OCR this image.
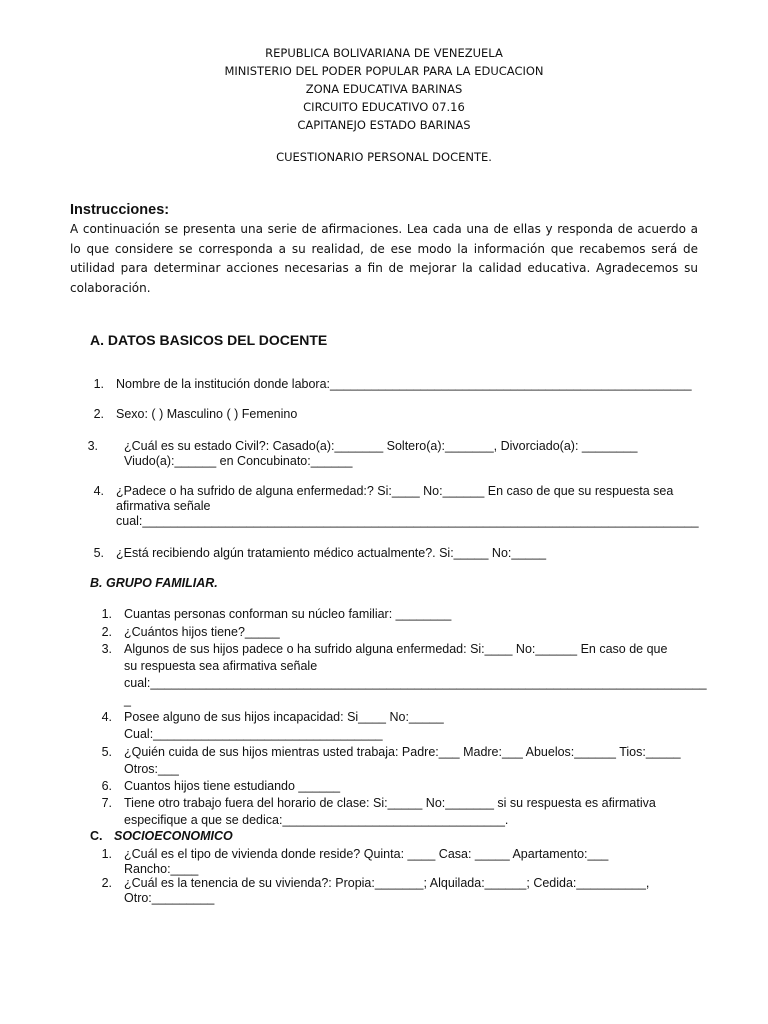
REPUBLICA BOLIVARIANA DE VENEZUELA
MINISTERIO DEL PODER POPULAR PARA LA EDUCACION
ZONA EDUCATIVA BARINAS
CIRCUITO EDUCATIVO 07.16
CAPITANEJO ESTADO BARINAS
CUESTIONARIO PERSONAL DOCENTE.
Instrucciones:
A continuación se presenta una serie de afirmaciones. Lea cada una de ellas y responda de acuerdo a lo que considere se corresponda a su realidad, de ese modo la información que recabemos será de utilidad para determinar acciones necesarias a fin de mejorar la calidad educativa. Agradecemos su colaboración.
A. DATOS BASICOS DEL DOCENTE
1. Nombre de la institución donde labora:____________________________________________________
2. Sexo: ( ) Masculino ( ) Femenino
3. ¿Cuál es su estado Civil?: Casado(a):_______ Soltero(a):_______, Divorciado(a): ________
Viudo(a):______ en Concubinato:______
4. ¿Padece o ha sufrido de alguna enfermedad:? Si:____ No:______ En caso de que su respuesta sea
afirmativa señale
cual:________________________________________________________________________________
5. ¿Está recibiendo algún tratamiento médico actualmente?. Si:_____ No:_____
B. GRUPO FAMILIAR.
1. Cuantas personas conforman su núcleo familiar: ________
2. ¿Cuántos hijos tiene?_____
3. Algunos de sus hijos padece o ha sufrido alguna enfermedad: Si:____ No:______ En caso de que
su respuesta sea afirmativa señale
cual:________________________________________________________________________________
_
4. Posee alguno de sus hijos incapacidad: Si____ No:_____
Cual:_________________________________
5. ¿Quién cuida de sus hijos mientras usted trabaja: Padre:___ Madre:___ Abuelos:______ Tios:_____
Otros:___
6. Cuantos hijos tiene estudiando ______
7. Tiene otro trabajo fuera del horario de clase: Si:_____ No:_______ si su respuesta es afirmativa
especifique a que se dedica:________________________________.
C. SOCIOECONOMICO
1. ¿Cuál es el tipo de vivienda donde reside? Quinta: ____ Casa: _____ Apartamento:___
Rancho:____
2. ¿Cuál es la tenencia de su vivienda?: Propia:_______; Alquilada:______; Cedida:__________,
Otro:_________
